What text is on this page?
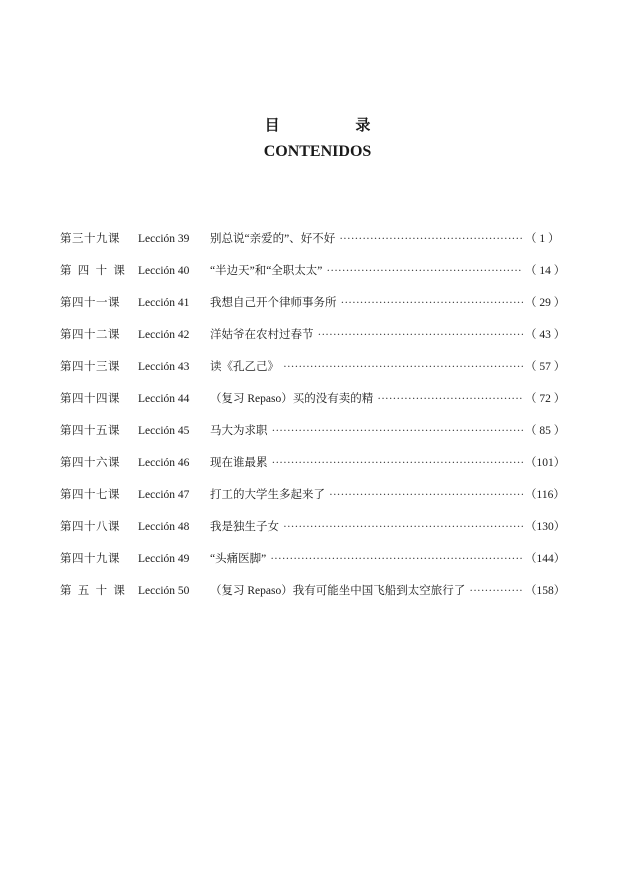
目 录
CONTENIDOS
第三十九课	Lección 39	别总说“亲爱的”、好不好 ·····	（ 1 ）
第四十课 Lección 40	“半边天”和“全职太太” ·····	（ 14 ）
第四十一课	Lección 41	我想自己开个律师事务所 ·····	（ 29 ）
第四十二课	Lección 42	洋姑爷在农村过春节 ·····	（ 43 ）
第四十三课	Lección 43	读《孔乙己》 ·····	（ 57 ）
第四十四课	Lección 44	（复习 Repaso）买的没有卖的精 ·····	（ 72 ）
第四十五课	Lección 45	马大为求职 ·····	（ 85 ）
第四十六课	Lección 46	现在谁最累 ·····	（101）
第四十七课	Lección 47	打工的大学生多起来了 ·····	（116）
第四十八课	Lección 48	我是独生子女 ·····	（130）
第四十九课	Lección 49	“头痛医脚” ·····	（144）
第五十课 Lección 50	（复习 Repaso）我有可能坐中国飞船到太空旅行了 ·····	（158）
